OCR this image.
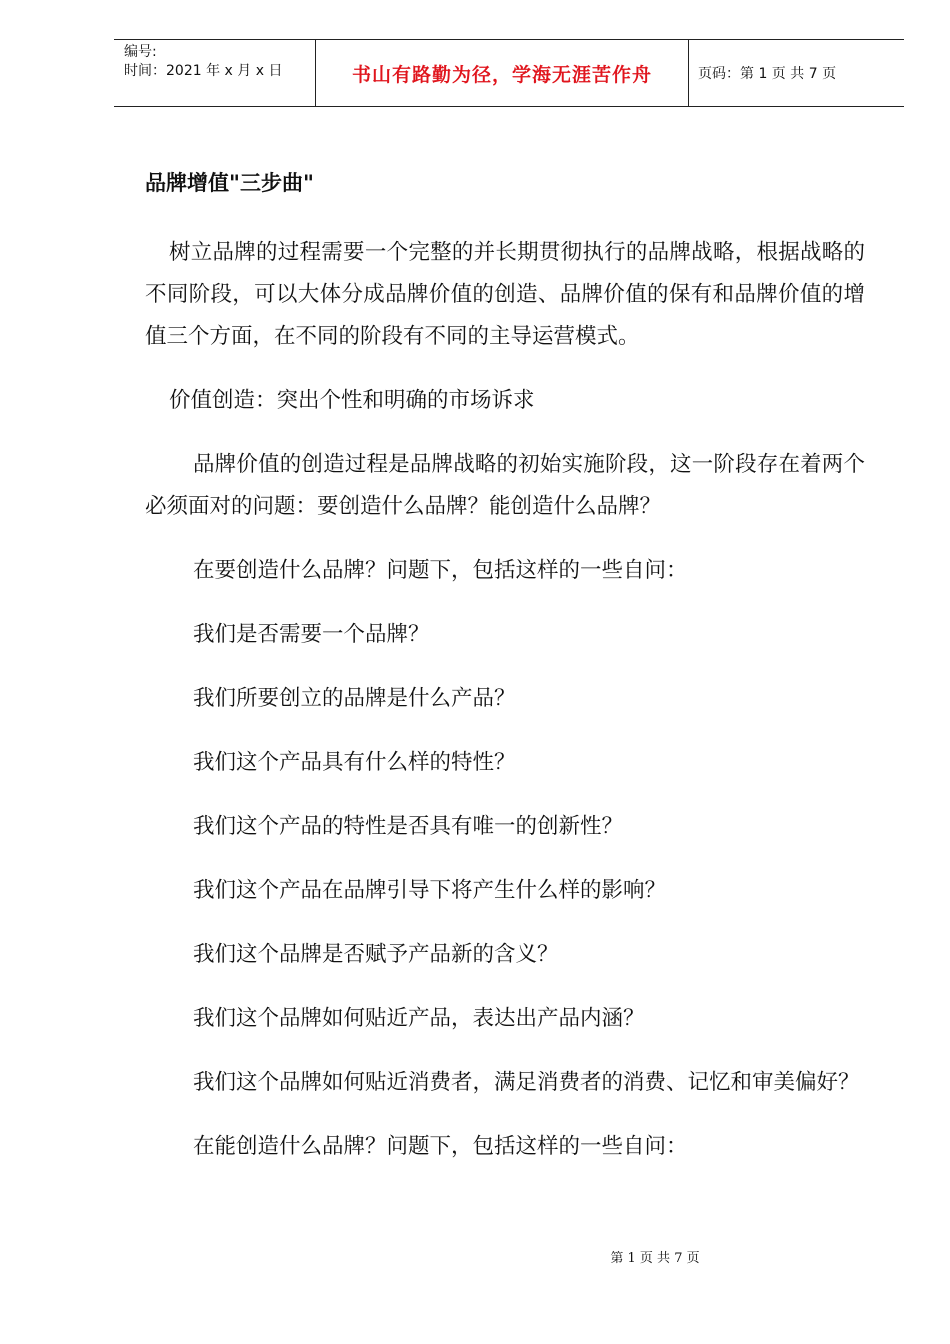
编号:
时间：2021 年 x 月 x 日	书山有路勤为径，学海无涯苦作舟	页码：第 1 页 共 7 页
品牌增值"三步曲"

树立品牌的过程需要一个完整的并长期贯彻执行的品牌战略，根据战略的不同阶段，可以大体分成品牌价值的创造、品牌价值的保有和品牌价值的增值三个方面，在不同的阶段有不同的主导运营模式。

价值创造：突出个性和明确的市场诉求

品牌价值的创造过程是品牌战略的初始实施阶段，这一阶段存在着两个必须面对的问题：要创造什么品牌？能创造什么品牌？

在要创造什么品牌？问题下，包括这样的一些自问：

我们是否需要一个品牌？

我们所要创立的品牌是什么产品？

我们这个产品具有什么样的特性？

我们这个产品的特性是否具有唯一的创新性？

我们这个产品在品牌引导下将产生什么样的影响？

我们这个品牌是否赋予产品新的含义？

我们这个品牌如何贴近产品，表达出产品内涵？

我们这个品牌如何贴近消费者，满足消费者的消费、记忆和审美偏好？

在能创造什么品牌？问题下，包括这样的一些自问：

第 1 页 共 7 页
